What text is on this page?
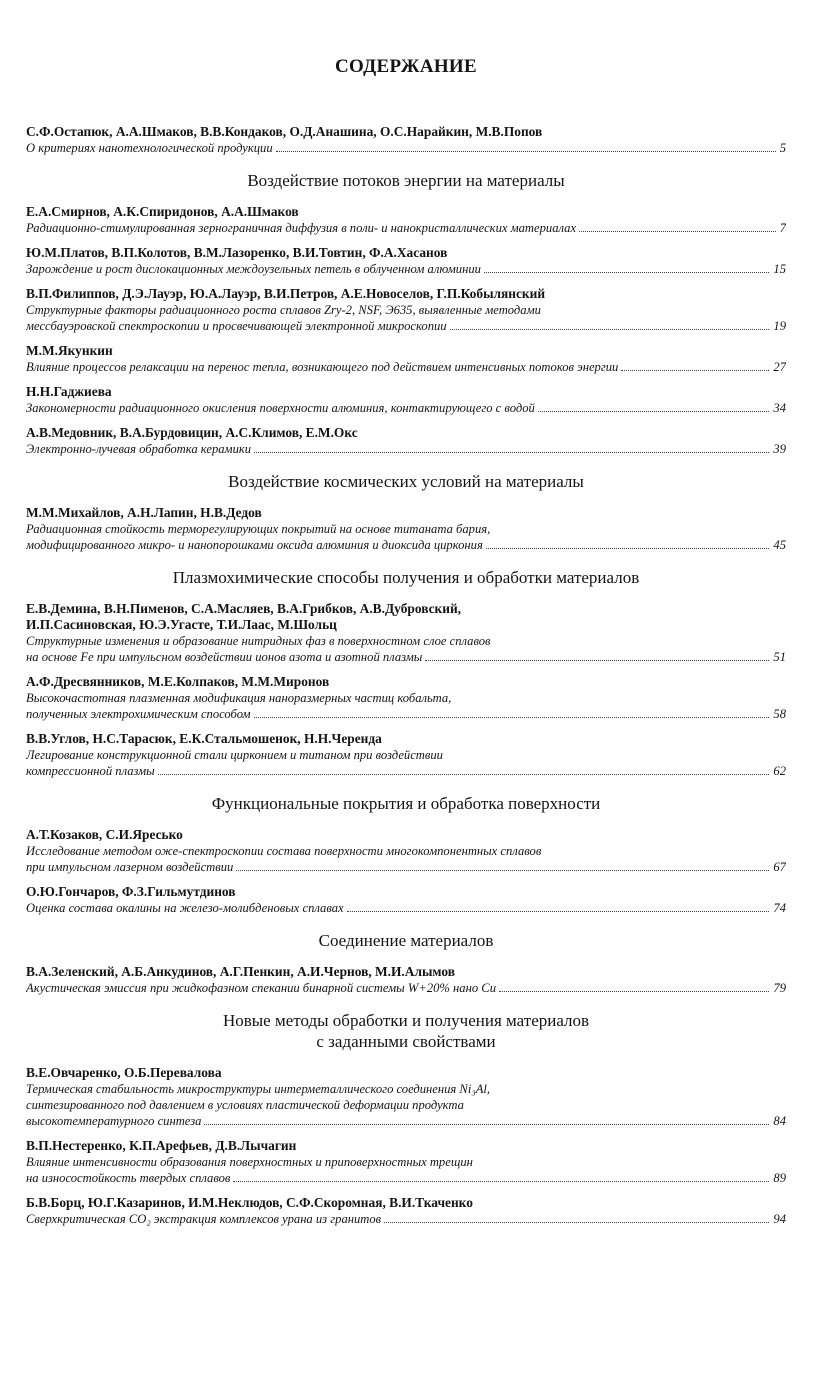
СОДЕРЖАНИЕ
С.Ф.Остапюк, А.А.Шмаков, В.В.Кондаков, О.Д.Анашина, О.С.Нарайкин, М.В.Попов
О критериях нанотехнологической продукции	5
Воздействие потоков энергии на материалы
Е.А.Смирнов, А.К.Спиридонов, А.А.Шмаков
Радиационно-стимулированная зернограничная диффузия в поли- и нанокристаллических материалах	7
Ю.М.Платов, В.П.Колотов, В.М.Лазоренко, В.И.Товтин, Ф.А.Хасанов
Зарождение и рост дислокационных междоузельных петель в облученном алюминии	15
В.П.Филиппов, Д.Э.Лауэр, Ю.А.Лауэр, В.И.Петров, А.Е.Новоселов, Г.П.Кобылянский
Структурные факторы радиационного роста сплавов Zry-2, NSF, Э635, выявленные методами
мессбауэровской спектроскопии и просвечивающей электронной микроскопии	19
М.М.Якункин
Влияние процессов релаксации на перенос тепла, возникающего под действием интенсивных потоков энергии	27
Н.Н.Гаджиева
Закономерности радиационного окисления поверхности алюминия, контактирующего с водой	34
А.В.Медовник, В.А.Бурдовицин, А.С.Климов, Е.М.Окс
Электронно-лучевая обработка керамики	39
Воздействие космических условий на материалы
М.М.Михайлов, А.Н.Лапин, Н.В.Дедов
Радиационная стойкость терморегулирующих покрытий на основе титаната бария,
модифицированного микро- и нанопорошками оксида алюминия и диоксида циркония	45
Плазмохимические способы получения и обработки материалов
Е.В.Демина, В.Н.Пименов, С.А.Масляев, В.А.Грибков, А.В.Дубровский,
И.П.Сасиновская, Ю.Э.Угасте, Т.И.Лаас, М.Шольц
Структурные изменения и образование нитридных фаз в поверхностном слое сплавов
на основе Fe при импульсном воздействии ионов азота и азотной плазмы	51
А.Ф.Дресвянников, М.Е.Колпаков, М.М.Миронов
Высокочастотная плазменная модификация наноразмерных частиц кобальта,
полученных электрохимическим способом	58
В.В.Углов, Н.С.Тарасюк, Е.К.Стальмошенок, Н.Н.Черенда
Легирование конструкционной стали цирконием и титаном при воздействии
компрессионной плазмы	62
Функциональные покрытия и обработка поверхности
А.Т.Козаков, С.И.Яресько
Исследование методом оже-спектроскопии состава поверхности многокомпонентных сплавов
при импульсном лазерном воздействии	67
О.Ю.Гончаров, Ф.З.Гильмутдинов
Оценка состава окалины на железо-молибденовых сплавах	74
Соединение материалов
В.А.Зеленский, А.Б.Анкудинов, А.Г.Пенкин, А.И.Чернов, М.И.Алымов
Акустическая эмиссия при жидкофазном спекании бинарной системы W+20% нано Cu	79
Новые методы обработки и получения материалов
с заданными свойствами
В.Е.Овчаренко, О.Б.Перевалова
Термическая стабильность микроструктуры интерметаллического соединения Ni₃Al,
синтезированного под давлением в условиях пластической деформации продукта
высокотемпературного синтеза	84
В.П.Нестеренко, К.П.Арефьев, Д.В.Лычагин
Влияние интенсивности образования поверхностных и приповерхностных трещин
на износостойкость твердых сплавов	89
Б.В.Борц, Ю.Г.Казаринов, И.М.Неклюдов, С.Ф.Скоромная, В.И.Ткаченко
Сверхкритическая CO₂ экстракция комплексов урана из гранитов	94
